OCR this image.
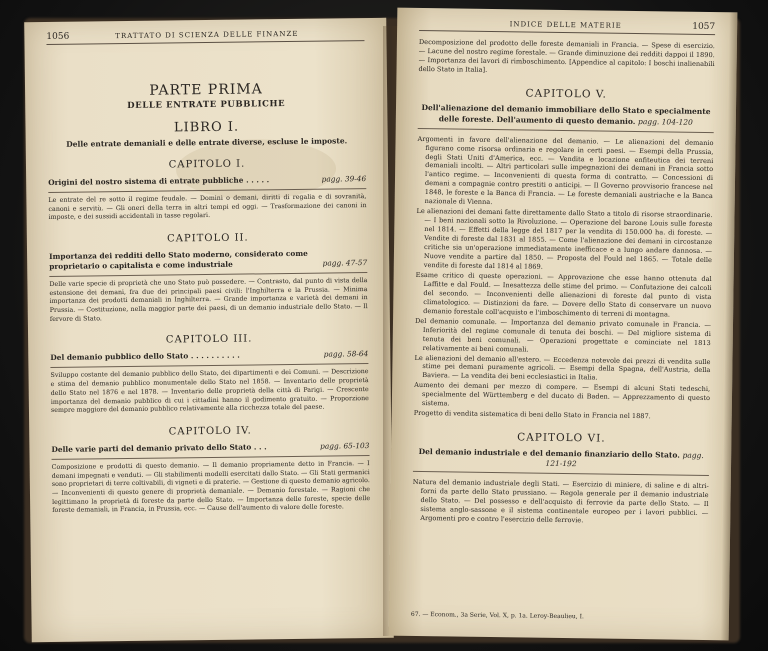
1056	TRATTATO DI SCIENZA DELLE FINANZE
PARTE PRIMA
DELLE ENTRATE PUBBLICHE
LIBRO I.
Delle entrate demaniali e delle entrate diverse, escluse le imposte.
CAPITOLO I.
Origini del nostro sistema di entrate pubbliche . . . . .	pagg. 39-46
Le entrate del re sotto il regime feudale. — Domini o demani, diritti di regalia e di sovranità, canoni e servitù. — Gli oneri della terra in altri tempi ed oggi. — Trasformazione dei canoni in imposte, e dei sussidi accidentali in tasse regolari.
CAPITOLO II.
Importanza dei redditi dello Stato moderno, considerato come proprietario o capitalista e come industriale	pagg. 47-57
Delle varie specie di proprietà che uno Stato può possedere. — Contrasto, dal punto di vista della estensione dei demani, fra due dei principali paesi civili: l'Inghilterra e la Prussia. — Minima importanza dei prodotti demaniali in Inghilterra. — Grande importanza e varietà dei demani in Prussia. — Costituzione, nella maggior parte dei paesi, di un demanio industriale dello Stato. — Il fervore di Stato.
CAPITOLO III.
Del demanio pubblico dello Stato . . . . . . . . . .	pagg. 58-64
Sviluppo costante del demanio pubblico dello Stato, dei dipartimenti e dei Comuni. — Descrizione e stima del demanio pubblico monumentale dello Stato nel 1858. — Inventario delle proprietà dello Stato nel 1876 e nel 1878. — Inventario delle proprietà della città di Parigi. — Crescente importanza del demanio pubblico di cui i cittadini hanno il godimento gratuito. — Proporzione sempre maggiore del demanio pubblico relativamente alla ricchezza totale del paese.
CAPITOLO IV.
Delle varie parti del demanio privato dello Stato . . .	pagg. 65-103
Composizione e prodotti di questo demanio. — Il demanio propriamente detto in Francia. — I demani impegnati e venduti. — Gli stabilimenti modelli esercitati dallo Stato. — Gli Stati germanici sono proprietari di terre coltivabili, di vigneti e di praterie. — Gestione di questo demanio agricolo. — Inconvenienti di questo genere di proprietà demaniale. — Demanio forestale. — Ragioni che legittimano la proprietà di foreste da parte dello Stato. — Importanza delle foreste, specie delle foreste demaniali, in Francia, in Prussia, ecc. — Cause dell'aumento di valore delle foreste.
INDICE DELLE MATERIE	1057
Decomposizione del prodotto delle foreste demaniali in Francia. — Spese di esercizio. — Lacune del nostro regime forestale. — Grande diminuzione dei redditi dappoi il 1890. — Importanza dei lavori di rimboschimento. [Appendice al capitolo: I boschi inalienabili dello Stato in Italia].
CAPITOLO V.
Dell'alienazione del demanio immobiliare dello Stato e specialmente delle foreste. Dell'aumento di questo demanio. pagg. 104-120
Argomenti in favore dell'alienazione del demanio. — Le alienazioni del demanio figurano come risorsa ordinaria e regolare in certi paesi. — Esempi della Prussia, degli Stati Uniti d'America, ecc. — Vendita e locazione enfiteutica dei terreni demaniali incolti. — Altri particolari sulle impegnazioni dei demani in Francia sotto l'antico regime. — Inconvenienti di questa forma di contratto. — Concessioni di demani a compagnie contro prestiti o anticipi. — Il Governo provvisorio francese nel 1848, le foreste e la Banca di Francia. — Le foreste demaniali austriache e la Banca nazionale di Vienna.
Le alienazioni dei demani fatte direttamente dallo Stato a titolo di risorse straordinarie. — I beni nazionali sotto la Rivoluzione. — Operazione del barone Louis sulle foreste nel 1814. — Effetti della legge del 1817 per la vendita di 150.000 ha. di foreste. — Vendite di foreste dal 1831 al 1855. — Come l'alienazione dei demani in circostanze critiche sia un'operazione immediatamente inefficace e a lungo andare dannosa. — Nuove vendite a partire dal 1850. — Proposta del Fould nel 1865. — Totale delle vendite di foreste dal 1814 al 1869.
Esame critico di queste operazioni. — Approvazione che esse hanno ottenuta dal Laffitte e dal Fould. — Inesattezza delle stime del primo. — Confutazione dei calcoli del secondo. — Inconvenienti delle alienazioni di foreste dal punto di vista climatologico. — Distinzioni da fare. — Dovere dello Stato di conservare un nuovo demanio forestale coll'acquisto e l'imboschimento di terreni di montagna.
Del demanio comunale. — Importanza del demanio privato comunale in Francia. — Inferiorità del regime comunale di tenuta dei boschi. — Del migliore sistema di tenuta dei beni comunali. — Operazioni progettate e cominciate nel 1813 relativamente ai beni comunali.
Le alienazioni del demanio all'estero. — Eccedenza notevole dei prezzi di vendita sulle stime pei demani puramente agricoli. — Esempi della Spagna, dell'Austria, della Baviera. — La vendita dei beni ecclesiastici in Italia.
Aumento dei demani per mezzo di compere. — Esempi di alcuni Stati tedeschi, specialmente del Württemberg e del ducato di Baden. — Apprezzamento di questo sistema.
Progetto di vendita sistematica di beni dello Stato in Francia nel 1887.
CAPITOLO VI.
Del demanio industriale e del demanio finanziario dello Stato. pagg. 121-192
Natura del demanio industriale degli Stati. — Esercizio di miniere, di saline e di altri-forni da parte dello Stato prussiano. — Regola generale per il demanio industriale dello Stato. — Del possesso e dell'acquisto di ferrovie da parte dello Stato. — Il sistema anglo-sassone e il sistema continentale europeo per i lavori pubblici. — Argomenti pro e contro l'esercizio delle ferrovie.
67. — Econom., 3a Serie, Vol. X, p. 1a. Leroy-Beaulieu, I.
